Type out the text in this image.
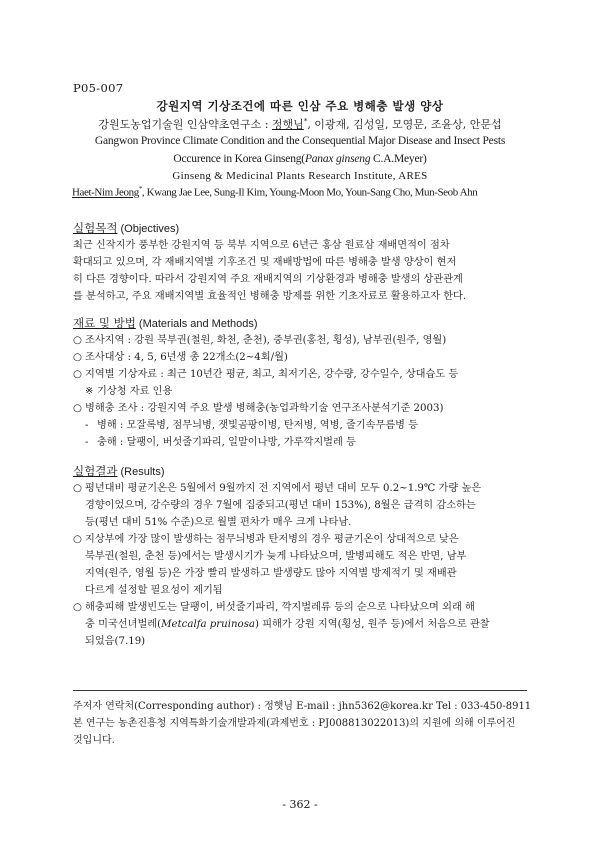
P05-007
강원지역 기상조건에 따른 인삼 주요 병해충 발생 양상
강원도농업기술원 인삼약초연구소 : 정햇님*, 이광재, 김성일, 모영문, 조윤상, 안문섭
Gangwon Province Climate Condition and the Consequential Major Disease and Insect Pests
Occurence in Korea Ginseng(Panax ginseng C.A.Meyer)
Ginseng & Medicinal Plants Research Institute, ARES
Haet-Nim Jeong*, Kwang Jae Lee, Sung-Il Kim, Young-Moon Mo, Youn-Sang Cho, Mun-Seob Ahn
실험목적 (Objectives)
최근 신작지가 풍부한 강원지역 등 북부 지역으로 6년근 홍삼 원료삼 재배면적이 점차
확대되고 있으며, 각 재배지역별 기후조건 및 재배방법에 따른 병해충 발생 양상이 현저
히 다른 경향이다. 따라서 강원지역 주요 재배지역의 기상환경과 병해충 발생의 상관관계
를 분석하고, 주요 재배지역별 효율적인 병해충 방제를 위한 기초자료로 활용하고자 한다.
재료 및 방법 (Materials and Methods)
○ 조사지역 : 강원 북부권(철원, 화천, 춘천), 중부권(홍천, 횡성), 남부권(원주, 영월)
○ 조사대상 : 4, 5, 6년생 총 22개소(2~4회/월)
○ 지역별 기상자료 : 최근 10년간 평균, 최고, 최저기온, 강수량, 강수일수, 상대습도 등
※ 기상청 자료 인용
○ 병해충 조사 : 강원지역 주요 발생 병해충(농업과학기술 연구조사분석기준 2003)
- 병해 : 모잘록병, 점무늬병, 잿빛곰팡이병, 탄저병, 역병, 줄기속무름병 등
- 충해 : 달팽이, 버섯줄기파리, 일말이나방, 가루깍지벌레 등
실험결과 (Results)
○ 평년대비 평균기온은 5월에서 9월까지 전 지역에서 평년 대비 모두 0.2~1.9℃ 가량 높은
경향이었으며, 강수량의 경우 7월에 집중되고(평년 대비 153%), 8월은 급격히 감소하는
등(평년 대비 51% 수준)으로 월별 편차가 매우 크게 나타남.
○ 지상부에 가장 많이 발생하는 점무늬병과 탄저병의 경우 평균기온이 상대적으로 낮은
북부권(철원, 춘천 등)에서는 발생시기가 늦게 나타났으며, 발병피해도 적은 반면, 남부
지역(원주, 영월 등)은 가장 빨리 발생하고 발생량도 많아 지역별 방제적기 및 재배관
다르게 설정할 필요성이 제기됨
○ 해충피해 발생빈도는 달팽이, 버섯줄기파리, 깍지벌레류 등의 순으로 나타났으며 외래 해
충 미국선녀벌레(Metcalfa pruinosa) 피해가 강원 지역(횡성, 원주 등)에서 처음으로 관찰
되었음(7.19)
주저자 연락처(Corresponding author) : 정햇님 E-mail : jhn5362@korea.kr Tel : 033-450-8911
본 연구는 농촌진흥청 지역특화기술개발과제(과제번호 : PJ008813022013)의 지원에 의해 이루어진
것입니다.
- 362 -
